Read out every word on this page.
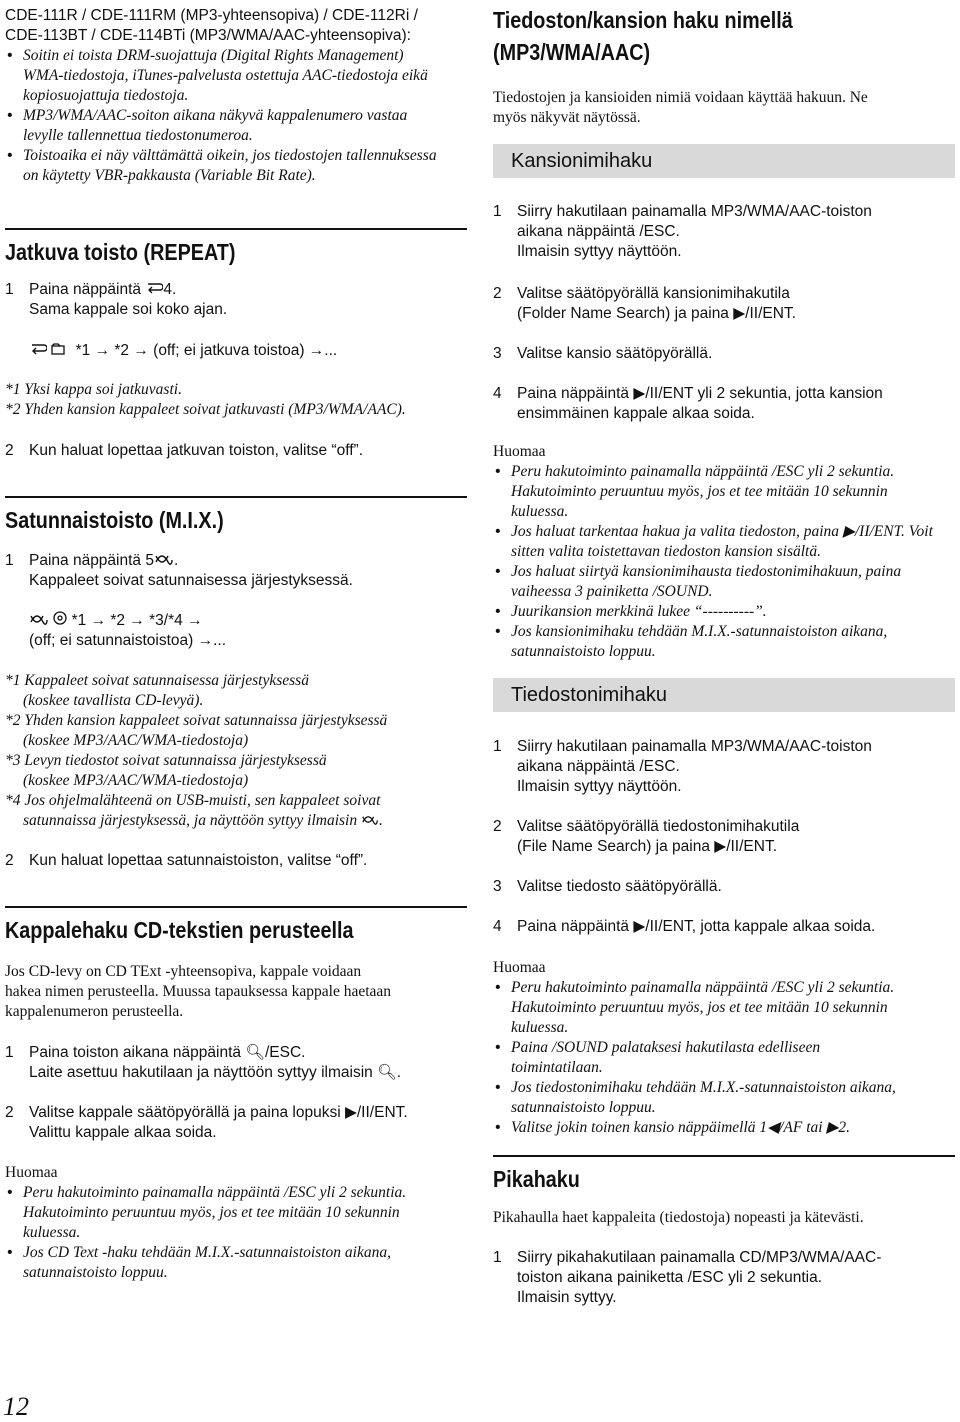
CDE-111R / CDE-111RM (MP3-yhteensopiva) / CDE-112Ri /
CDE-113BT / CDE-114BTi (MP3/WMA/AAC-yhteensopiva):
• Soitin ei toista DRM-suojattuja (Digital Rights Management)
WMA-tiedostoja, iTunes-palvelusta ostettuja AAC-tiedostoja eikä
kopiosuojattuja tiedostoja.
• MP3/WMA/AAC-soiton aikana näkyvä kappalenumero vastaa
levylle tallennettua tiedostonumeroa.
• Toistoaika ei näy välttämättä oikein, jos tiedostojen tallennuksessa
on käytetty VBR-pakkausta (Variable Bit Rate).
Jatkuva toisto (REPEAT)
1 Paina näppäintä 4.
Sama kappale soi koko ajan.
*1 → *2 → (off; ei jatkuva toistoa) →...
*1 Yksi kappa soi jatkuvasti.
*2 Yhden kansion kappaleet soivat jatkuvasti (MP3/WMA/AAC).
2 Kun haluat lopettaa jatkuvan toiston, valitse “off”.
Satunnaistoisto (M.I.X.)
1 Paina näppäintä 5 .
Kappaleet soivat satunnaisessa järjestyksessä.
*1 → *2 → *3/*4 →
(off; ei satunnaistoistoa) →...
*1 Kappaleet soivat satunnaisessa järjestyksessä
(koskee tavallista CD-levyä).
*2 Yhden kansion kappaleet soivat satunnaissa järjestyksessä
(koskee MP3/AAC/WMA-tiedostoja)
*3 Levyn tiedostot soivat satunnaissa järjestyksessä
(koskee MP3/AAC/WMA-tiedostoja)
*4 Jos ohjelmalähteenä on USB-muisti, sen kappaleet soivat
satunnaissa järjestyksessä, ja näyttöön syttyy ilmaisin .
2 Kun haluat lopettaa satunnaistoiston, valitse “off”.
Kappalehaku CD-tekstien perusteella
Jos CD-levy on CD TExt -yhteensopiva, kappale voidaan
hakea nimen perusteella. Muussa tapauksessa kappale haetaan
kappalenumeron perusteella.
1 Paina toiston aikana näppäintä 🔍︎/ESC.
Laite asettuu hakutilaan ja näyttöön syttyy ilmaisin 🔍︎.
2 Valitse kappale säätöpyörällä ja paina lopuksi ▶/II/ENT.
Valittu kappale alkaa soida.
Huomaa
• Peru hakutoiminto painamalla näppäintä /ESC yli 2 sekuntia.
Hakutoiminto peruuntuu myös, jos et tee mitään 10 sekunnin
kuluessa.
• Jos CD Text -haku tehdään M.I.X.-satunnaistoiston aikana,
satunnaistoisto loppuu.
12
Tiedoston/kansion haku nimellä
(MP3/WMA/AAC)
Tiedostojen ja kansioiden nimiä voidaan käyttää hakuun. Ne
myös näkyvät näytössä.
Kansionimihaku
1 Siirry hakutilaan painamalla MP3/WMA/AAC-toiston
aikana näppäintä /ESC.
Ilmaisin syttyy näyttöön.
2 Valitse säätöpyörällä kansionimihakutila
(Folder Name Search) ja paina ▶/II/ENT.
3 Valitse kansio säätöpyörällä.
4 Paina näppäintä ▶/II/ENT yli 2 sekuntia, jotta kansion
ensimmäinen kappale alkaa soida.
Huomaa
• Peru hakutoiminto painamalla näppäintä /ESC yli 2 sekuntia.
Hakutoiminto peruuntuu myös, jos et tee mitään 10 sekunnin
kuluessa.
• Jos haluat tarkentaa hakua ja valita tiedoston, paina ▶/II/ENT. Voit
sitten valita toistettavan tiedoston kansion sisältä.
• Jos haluat siirtyä kansionimihausta tiedostonimihakuun, paina
vaiheessa 3 painiketta /SOUND.
• Juurikansion merkkinä lukee “----------”.
• Jos kansionimihaku tehdään M.I.X.-satunnaistoiston aikana,
satunnaistoisto loppuu.
Tiedostonimihaku
1 Siirry hakutilaan painamalla MP3/WMA/AAC-toiston
aikana näppäintä /ESC.
Ilmaisin syttyy näyttöön.
2 Valitse säätöpyörällä tiedostonimihakutila
(File Name Search) ja paina ▶/II/ENT.
3 Valitse tiedosto säätöpyörällä.
4 Paina näppäintä ▶/II/ENT, jotta kappale alkaa soida.
Huomaa
• Peru hakutoiminto painamalla näppäintä /ESC yli 2 sekuntia.
Hakutoiminto peruuntuu myös, jos et tee mitään 10 sekunnin
kuluessa.
• Paina /SOUND palataksesi hakutilasta edelliseen
toimintatilaan.
• Jos tiedostonimihaku tehdään M.I.X.-satunnaistoiston aikana,
satunnaistoisto loppuu.
• Valitse jokin toinen kansio näppäimellä 1◀/AF tai ▶2.
Pikahaku
Pikahaulla haet kappaleita (tiedostoja) nopeasti ja kätevästi.
1 Siirry pikahakutilaan painamalla CD/MP3/WMA/AAC-
toiston aikana painiketta /ESC yli 2 sekuntia.
Ilmaisin syttyy.
